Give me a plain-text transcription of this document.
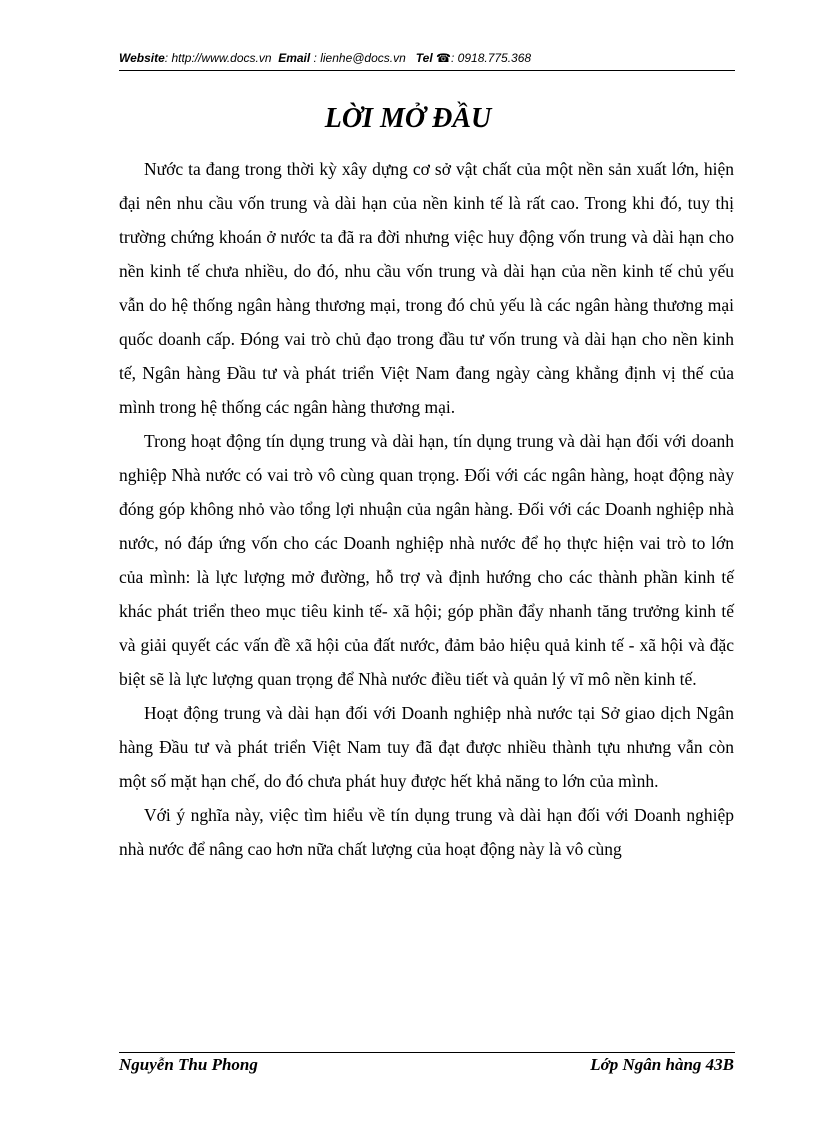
Website: http://www.docs.vn Email : lienhe@docs.vn Tel ☎: 0918.775.368
LỜI MỞ ĐẦU

Nước ta đang trong thời kỳ xây dựng cơ sở vật chất của một nền sản xuất lớn, hiện đại nên nhu cầu vốn trung và dài hạn của nền kinh tế là rất cao. Trong khi đó, tuy thị trường chứng khoán ở nước ta đã ra đời nhưng việc huy động vốn trung và dài hạn cho nền kinh tế chưa nhiều, do đó, nhu cầu vốn trung và dài hạn của nền kinh tế chủ yếu vẫn do hệ thống ngân hàng thương mại, trong đó chủ yếu là các ngân hàng thương mại quốc doanh cấp. Đóng vai trò chủ đạo trong đầu tư vốn trung và dài hạn cho nền kinh tế, Ngân hàng Đầu tư và phát triển Việt Nam đang ngày càng khẳng định vị thế của mình trong hệ thống các ngân hàng thương mại.

Trong hoạt động tín dụng trung và dài hạn, tín dụng trung và dài hạn đối với doanh nghiệp Nhà nước có vai trò vô cùng quan trọng. Đối với các ngân hàng, hoạt động này đóng góp không nhỏ vào tổng lợi nhuận của ngân hàng. Đối với các Doanh nghiệp nhà nước, nó đáp ứng vốn cho các Doanh nghiệp nhà nước để họ thực hiện vai trò to lớn của mình: là lực lượng mở đường, hỗ trợ và định hướng cho các thành phần kinh tế khác phát triển theo mục tiêu kinh tế- xã hội; góp phần đẩy nhanh tăng trưởng kinh tế và giải quyết các vấn đề xã hội của đất nước, đảm bảo hiệu quả kinh tế - xã hội và đặc biệt sẽ là lực lượng quan trọng để Nhà nước điều tiết và quản lý vĩ mô nền kinh tế.

Hoạt động trung và dài hạn đối với Doanh nghiệp nhà nước tại Sở giao dịch Ngân hàng Đầu tư và phát triển Việt Nam tuy đã đạt được nhiều thành tựu nhưng vẫn còn một số mặt hạn chế, do đó chưa phát huy được hết khả năng to lớn của mình.

Với ý nghĩa này, việc tìm hiểu về tín dụng trung và dài hạn đối với Doanh nghiệp nhà nước để nâng cao hơn nữa chất lượng của hoạt động này là vô cùng

Nguyễn Thu Phong	Lớp Ngân hàng 43B
